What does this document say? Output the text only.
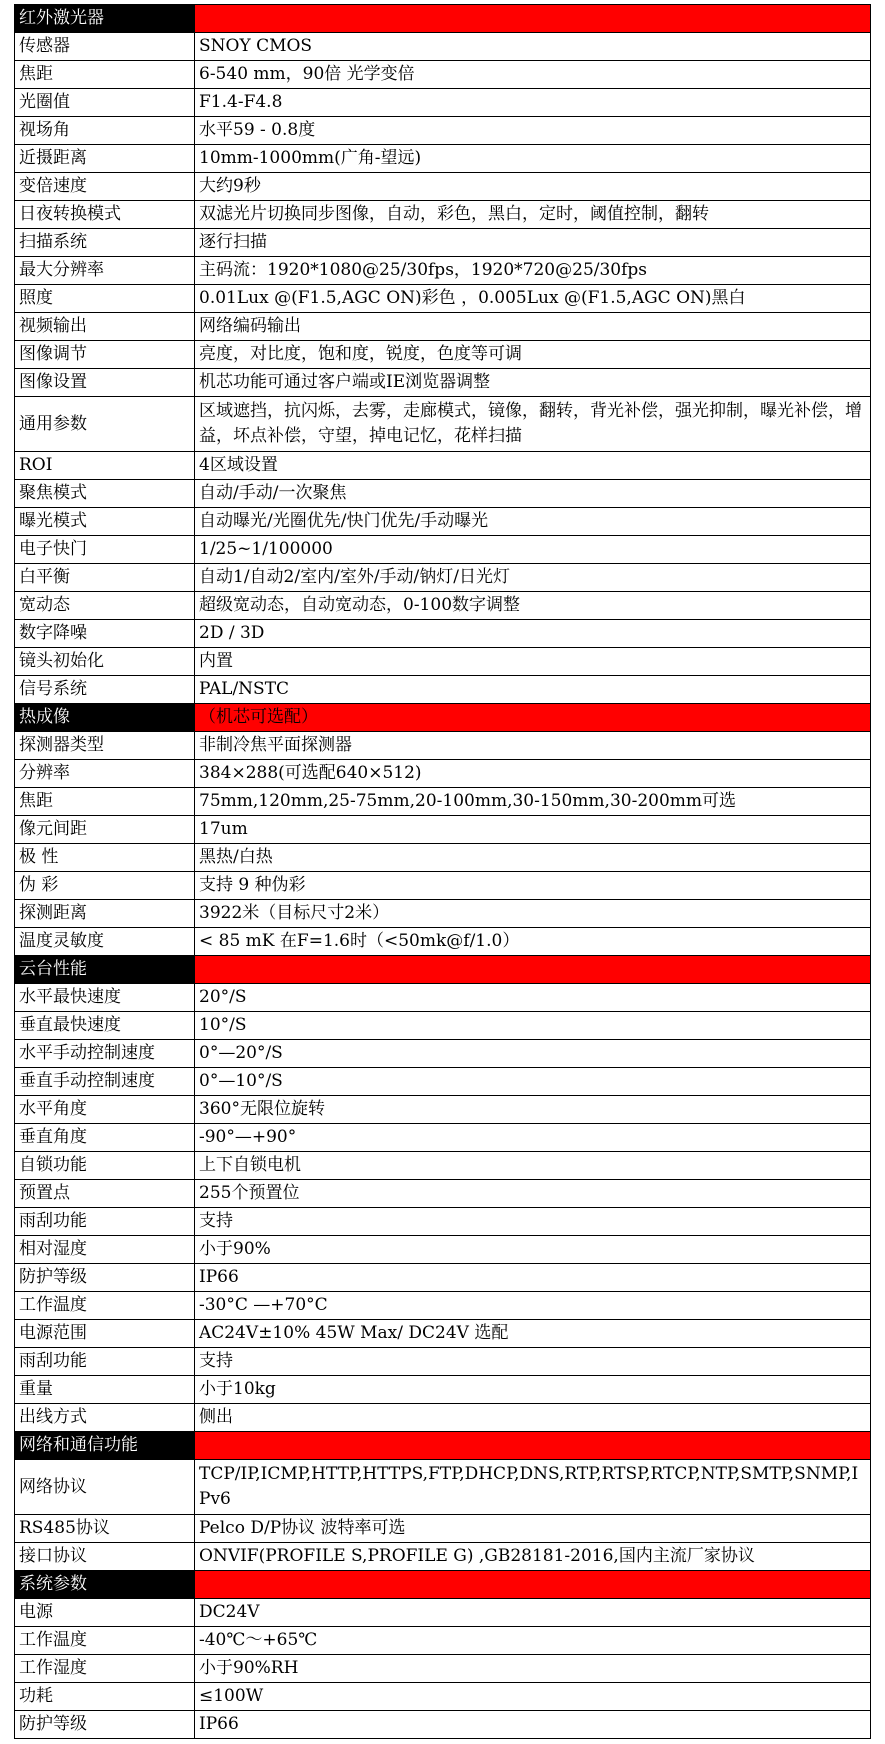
红外激光器	
传感器	SNOY CMOS
焦距	6-540 mm，90倍 光学变倍
光圈值	F1.4-F4.8
视场角	水平59 - 0.8度
近摄距离	10mm-1000mm(广角-望远)
变倍速度	大约9秒
日夜转换模式	双滤光片切换同步图像，自动，彩色，黑白，定时，阈值控制，翻转
扫描系统	逐行扫描
最大分辨率	主码流：1920*1080@25/30fps，1920*720@25/30fps
照度	0.01Lux @(F1.5,AGC ON)彩色 ，0.005Lux @(F1.5,AGC ON)黑白
视频输出	网络编码输出
图像调节	亮度，对比度，饱和度，锐度，色度等可调
图像设置	机芯功能可通过客户端或IE浏览器调整
通用参数	区域遮挡，抗闪烁，去雾，走廊模式，镜像，翻转，背光补偿，强光抑制，曝光补偿，增益，坏点补偿，守望，掉电记忆，花样扫描
ROI	4区域设置
聚焦模式	自动/手动/一次聚焦
曝光模式	自动曝光/光圈优先/快门优先/手动曝光
电子快门	1/25~1/100000
白平衡	自动1/自动2/室内/室外/手动/钠灯/日光灯
宽动态	超级宽动态，自动宽动态，0-100数字调整
数字降噪	2D / 3D
镜头初始化	内置
信号系统	PAL/NSTC
热成像	（机芯可选配）
探测器类型	非制冷焦平面探测器
分辨率	384×288(可选配640×512)
焦距	75mm,120mm,25-75mm,20-100mm,30-150mm,30-200mm可选
像元间距	17um
极 性	黑热/白热
伪 彩	支持 9 种伪彩
探测距离	3922米（目标尺寸2米）
温度灵敏度	< 85 mK 在F=1.6时（<50mk@f/1.0）
云台性能	
水平最快速度	20°/S
垂直最快速度	10°/S
水平手动控制速度	0°—20°/S
垂直手动控制速度	0°—10°/S
水平角度	360°无限位旋转
垂直角度	-90°—+90°
自锁功能	上下自锁电机
预置点	255个预置位
雨刮功能	支持
相对湿度	小于90%
防护等级	IP66
工作温度	-30°C —+70°C
电源范围	AC24V±10% 45W Max/ DC24V 选配
雨刮功能	支持
重量	小于10kg
出线方式	侧出
网络和通信功能	
网络协议	TCP/IP,ICMP,HTTP,HTTPS,FTP,DHCP,DNS,RTP,RTSP,RTCP,NTP,SMTP,SNMP,IPv6
RS485协议	Pelco D/P协议 波特率可选
接口协议	ONVIF(PROFILE S,PROFILE G) ,GB28181-2016,国内主流厂家协议
系统参数	
电源	DC24V
工作温度	-40℃～+65℃
工作湿度	小于90%RH
功耗	≤100W
防护等级	IP66
